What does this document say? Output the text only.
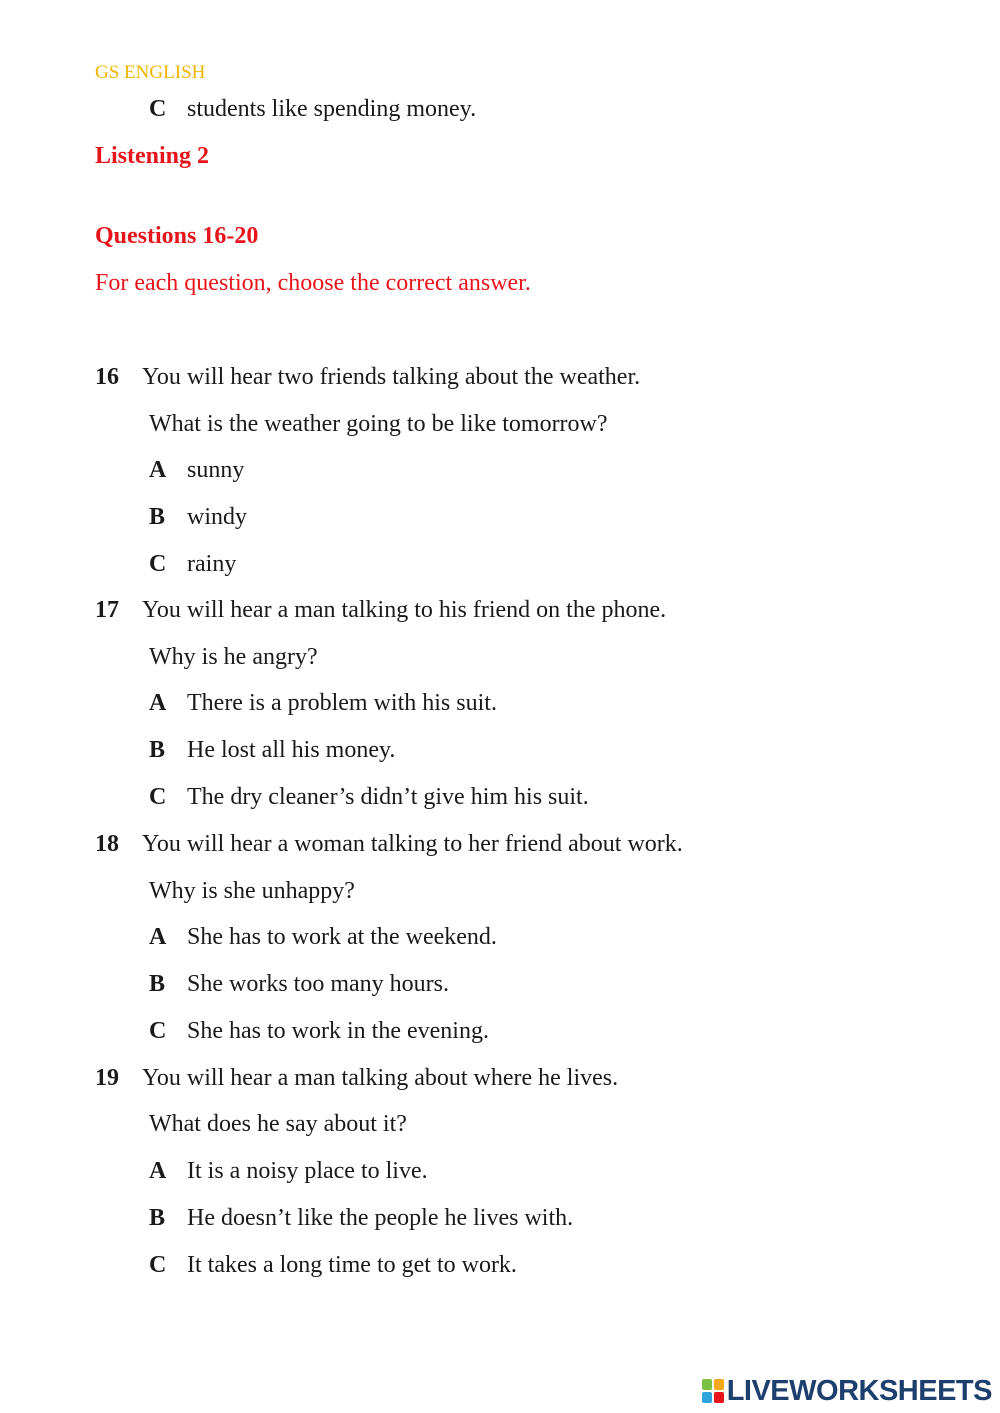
GS ENGLISH
C students like spending money.
Listening 2
Questions 16-20
For each question, choose the correct answer.
16 You will hear two friends talking about the weather.
What is the weather going to be like tomorrow?
A sunny
B windy
C rainy
17 You will hear a man talking to his friend on the phone.
Why is he angry?
A There is a problem with his suit.
B He lost all his money.
C The dry cleaner’s didn’t give him his suit.
18 You will hear a woman talking to her friend about work.
Why is she unhappy?
A She has to work at the weekend.
B She works too many hours.
C She has to work in the evening.
19 You will hear a man talking about where he lives.
What does he say about it?
A It is a noisy place to live.
B He doesn’t like the people he lives with.
C It takes a long time to get to work.
LIVEWORKSHEETS
